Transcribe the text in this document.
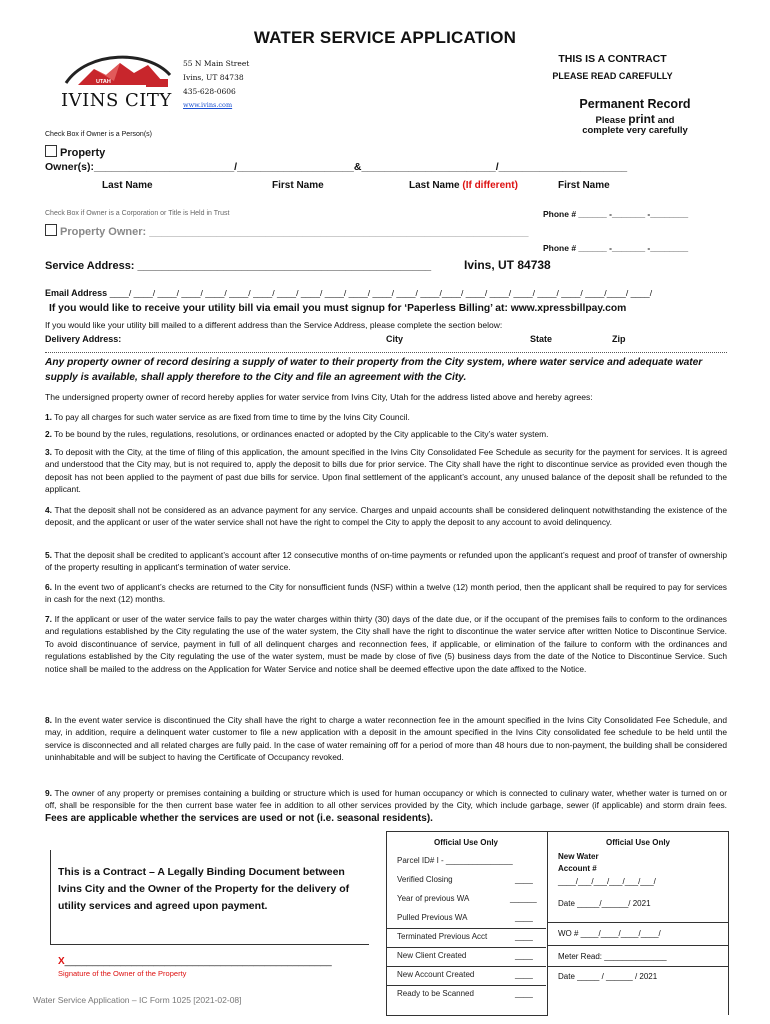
WATER SERVICE APPLICATION
THIS IS A CONTRACT
PLEASE READ CAREFULLY
UTAH
IVINS CITY
55 N Main Street
Ivins, UT 84738
435-628-0606
www.ivins.com	Permanent Record
Please print and
complete very carefully
Check Box if Owner is a Person(s)
Property
Owner(s):________________________/____________________&_______________________/______________________
Last Name	First Name	Last Name (If different)	First Name
Check Box if Owner is a Corporation or Title is Held in Trust	Phone # ______ -_______ -________
Property Owner: ______________________________________________________________
Phone # ______ -_______ -________
Service Address: ________________________________________________	Ivins, UT 84738
Email Address ____/ ____/ ____/ ____/ ____/ ____/ ____/ ____/ ____/ ____/ ____/ ____/ ____/ ____/____/ ____/ ____/ ____/ ____/ ____/ ____/____/ ____/
If you would like to receive your utility bill via email you must signup for ‘Paperless Billing’ at: www.xpressbillpay.com
If you would like your utility bill mailed to a different address than the Service Address, please complete the section below:
Delivery Address:	City	State	Zip
Any property owner of record desiring a supply of water to their property from the City system, where water service and adequate water supply is available, shall apply therefore to the City and file an agreement with the City.
The undersigned property owner of record hereby applies for water service from Ivins City, Utah for the address listed above and hereby agrees:
1. To pay all charges for such water service as are fixed from time to time by the Ivins City Council.
2. To be bound by the rules, regulations, resolutions, or ordinances enacted or adopted by the City applicable to the City’s water system.
3. To deposit with the City, at the time of filing of this application, the amount specified in the Ivins City Consolidated Fee Schedule as security for the payment for services. It is agreed and understood that the City may, but is not required to, apply the deposit to bills due for prior service. The City shall have the right to discontinue service as provided even though the deposit has not been applied to the payment of past due bills for service. Upon final settlement of the applicant’s account, any unused balance of the deposit shall be refunded to the applicant.
4. That the deposit shall not be considered as an advance payment for any service. Charges and unpaid accounts shall be considered delinquent notwithstanding the existence of the deposit, and the applicant or user of the water service shall not have the right to compel the City to apply the deposit to any account to avoid delinquency.
5. That the deposit shall be credited to applicant’s account after 12 consecutive months of on-time payments or refunded upon the applicant’s request and proof of transfer of ownership of the property resulting in applicant’s termination of water service.
6. In the event two of applicant’s checks are returned to the City for nonsufficient funds (NSF) within a twelve (12) month period, then the applicant shall be required to pay for services in cash for the next (12) months.
7. If the applicant or user of the water service fails to pay the water charges within thirty (30) days of the date due, or if the occupant of the premises fails to conform to the ordinances and regulations established by the City regulating the use of the water system, the City shall have the right to discontinue the water service after written Notice to Discontinue Service. To avoid discontinuance of service, payment in full of all delinquent charges and reconnection fees, if applicable, or elimination of the failure to conform with the ordinances and regulations established by the City regulating the use of the water system, must be made by close of five (5) business days from the date of the Notice to Discontinue Service. Such notice shall be mailed to the address on the Application for Water Service and notice shall be deemed effective upon the date affixed to the Notice.
8. In the event water service is discontinued the City shall have the right to charge a water reconnection fee in the amount specified in the Ivins City Consolidated Fee Schedule, and may, in addition, require a delinquent water customer to file a new application with a deposit in the amount specified in the Ivins City consolidated fee schedule to be held until the service is disconnected and all related charges are fully paid. In the case of water remaining off for a period of more than 48 hours due to non-payment, the building shall be considered uninhabitable and will be subject to having the Certificate of Occupancy revoked.
9. The owner of any property or premises containing a building or structure which is used for human occupancy or which is connected to culinary water, whether water is turned on or off, shall be responsible for the then current base water fee in addition to all other services provided by the City, which include garbage, sewer (if applicable) and storm drain fees. Fees are applicable whether the services are used or not (i.e. seasonal residents).
This is a Contract – A Legally Binding Document between Ivins City and the Owner of the Property for the delivery of utility services and agreed upon payment.
X________________________________________________
Signature of the Owner of the Property
Water Service Application – IC Form 1025 [2021-02-08]
Official Use Only
Parcel ID# I - _______________
Verified Closing	____
Year of previous WA	______
Pulled Previous WA	____
Terminated Previous Acct	____
New Client Created	____
New Account Created	____
Ready to be Scanned	____
Official Use Only
New Water
Account #
____/___/___/___/___/___/
Date _____/______/ 2021
WO # ____/____/____/____/
Meter Read: ______________
Date _____ / ______ / 2021
